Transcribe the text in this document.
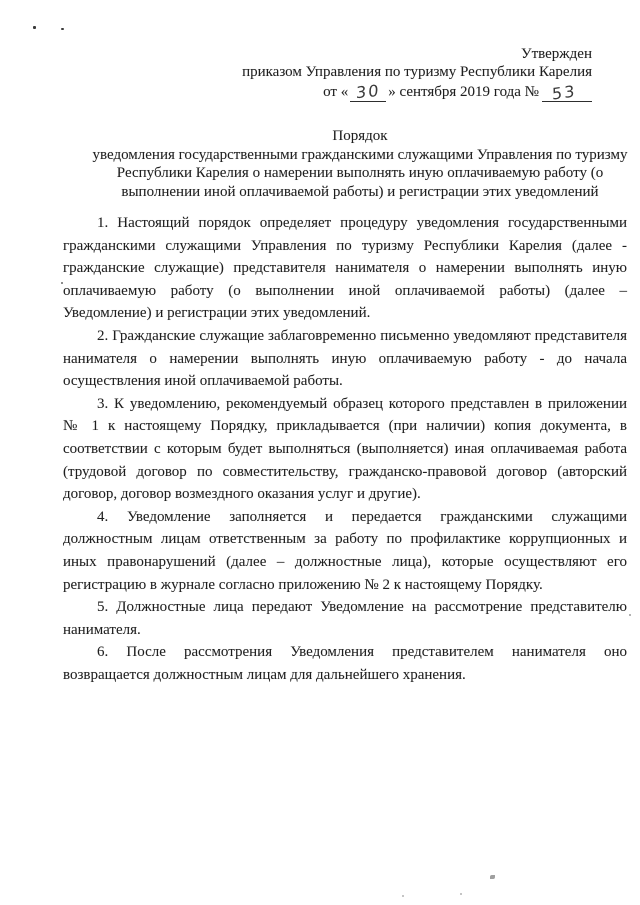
Утвержден
приказом Управления по туризму Республики Карелия
от « 30 » сентября 2019 года № 53
Порядок
уведомления государственными гражданскими служащими Управления по туризму Республики Карелия о намерении выполнять иную оплачиваемую работу (о выполнении иной оплачиваемой работы) и регистрации этих уведомлений

1. Настоящий порядок определяет процедуру уведомления государственными гражданскими служащими Управления по туризму Республики Карелия (далее - гражданские служащие) представителя нанимателя о намерении выполнять иную оплачиваемую работу (о выполнении иной оплачиваемой работы) (далее – Уведомление) и регистрации этих уведомлений.

2. Гражданские служащие заблаговременно письменно уведомляют представителя нанимателя о намерении выполнять иную оплачиваемую работу - до начала осуществления иной оплачиваемой работы.

3. К уведомлению, рекомендуемый образец которого представлен в приложении № 1 к настоящему Порядку, прикладывается (при наличии) копия документа, в соответствии с которым будет выполняться (выполняется) иная оплачиваемая работа (трудовой договор по совместительству, гражданско-правовой договор (авторский договор, договор возмездного оказания услуг и другие).

4. Уведомление заполняется и передается гражданскими служащими должностным лицам ответственным за работу по профилактике коррупционных и иных правонарушений (далее – должностные лица), которые осуществляют его регистрацию в журнале согласно приложению № 2 к настоящему Порядку.

5. Должностные лица передают Уведомление на рассмотрение представителю нанимателя.

6. После рассмотрения Уведомления представителем нанимателя оно возвращается должностным лицам для дальнейшего хранения.
